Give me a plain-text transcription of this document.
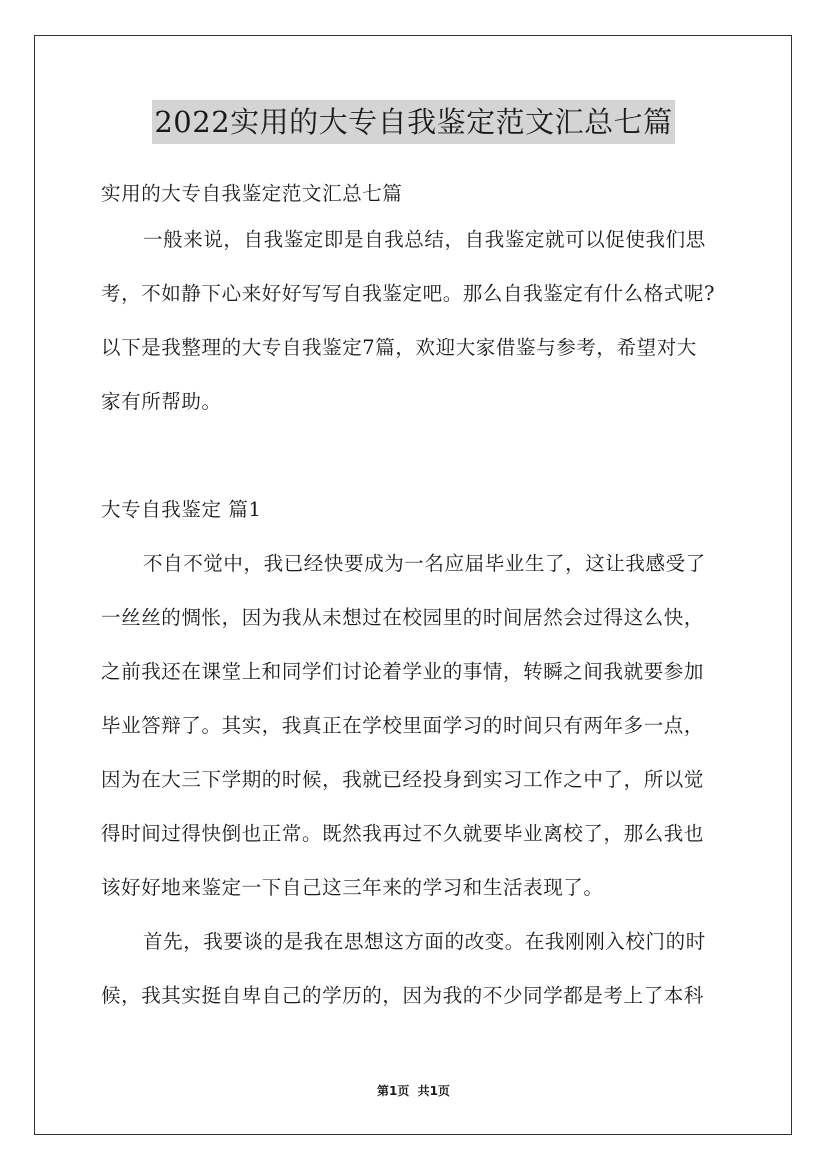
2022实用的大专自我鉴定范文汇总七篇
实用的大专自我鉴定范文汇总七篇
一般来说，自我鉴定即是自我总结，自我鉴定就可以促使我们思
考，不如静下心来好好写写自我鉴定吧。那么自我鉴定有什么格式呢?
以下是我整理的大专自我鉴定7篇，欢迎大家借鉴与参考，希望对大
家有所帮助。
大专自我鉴定 篇1
不自不觉中，我已经快要成为一名应届毕业生了，这让我感受了
一丝丝的惆怅，因为我从未想过在校园里的时间居然会过得这么快，
之前我还在课堂上和同学们讨论着学业的事情，转瞬之间我就要参加
毕业答辩了。其实，我真正在学校里面学习的时间只有两年多一点，
因为在大三下学期的时候，我就已经投身到实习工作之中了，所以觉
得时间过得快倒也正常。既然我再过不久就要毕业离校了，那么我也
该好好地来鉴定一下自己这三年来的学习和生活表现了。
首先，我要谈的是我在思想这方面的改变。在我刚刚入校门的时
候，我其实挺自卑自己的学历的，因为我的不少同学都是考上了本科
第1页 共1页
